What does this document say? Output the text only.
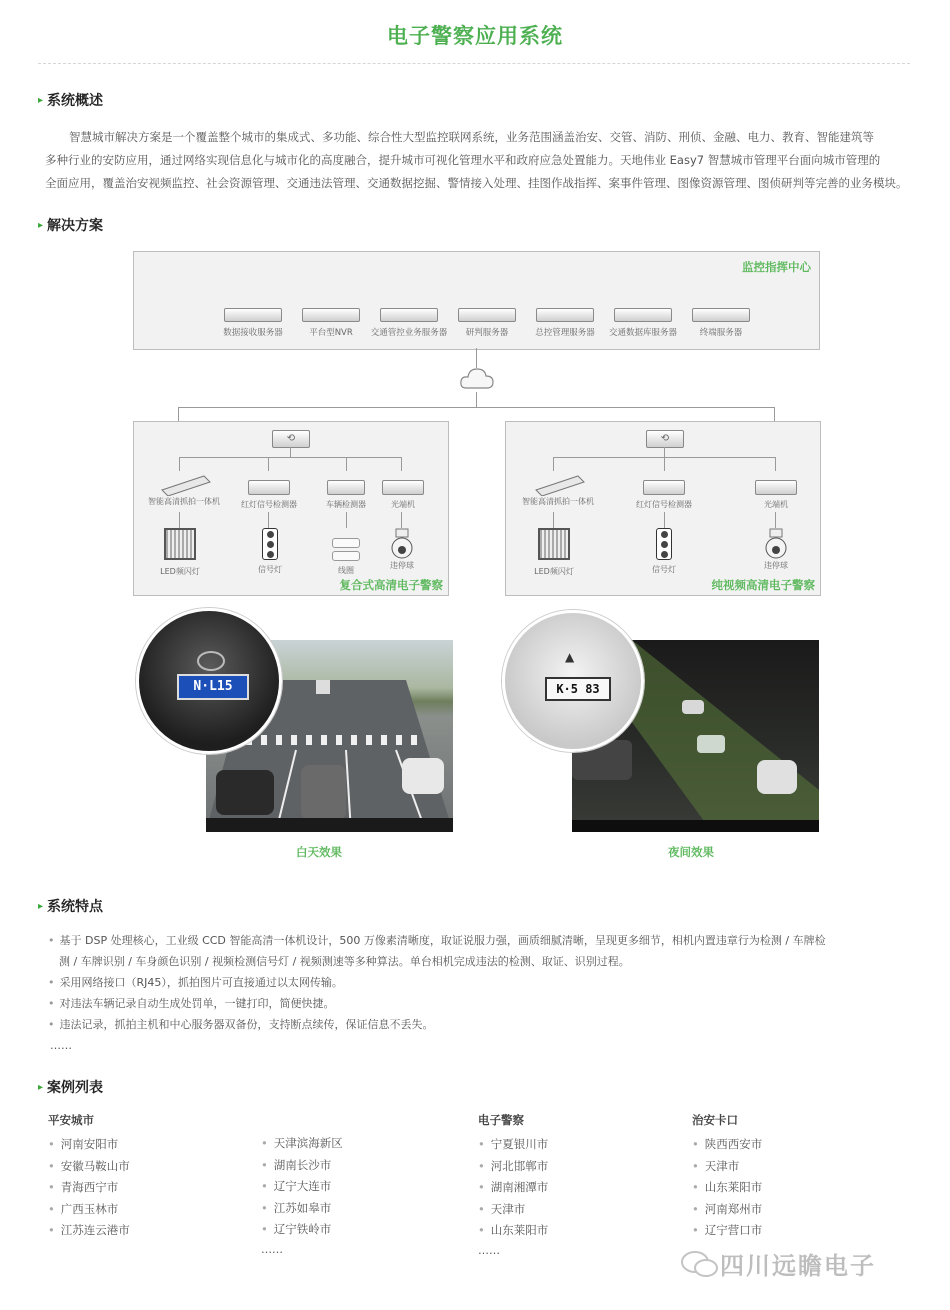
电子警察应用系统
▸ 系统概述
智慧城市解决方案是一个覆盖整个城市的集成式、多功能、综合性大型监控联网系统，业务范围涵盖治安、交管、消防、刑侦、金融、电力、教育、智能建筑等
多种行业的安防应用，通过网络实现信息化与城市化的高度融合，提升城市可视化管理水平和政府应急处置能力。天地伟业 Easy7 智慧城市管理平台面向城市管理的
全面应用，覆盖治安视频监控、社会资源管理、交通违法管理、交通数据挖掘、警情接入处理、挂图作战指挥、案事件管理、图像资源管理、图侦研判等完善的业务模块。
▸ 解决方案
监控指挥中心
数据接收服务器	平台型NVR 交通管控业务服务器 研判服务器	总控管理服务器 交通数据库服务器	终端服务器
⟲
智能高清抓拍一体机	红灯信号检测器	车辆检测器	光端机
LED频闪灯	信号灯	线圈
违停球
复合式高清电子警察
⟲
智能高清抓拍一体机	红灯信号检测器	光端机
LED频闪灯	信号灯	违停球
纯视频高清电子警察
N·L15
白天效果
▲
K·5 83
夜间效果
▸ 系统特点
• 基于 DSP 处理核心，工业级 CCD 智能高清一体机设计，500 万像素清晰度，取证说服力强，画质细腻清晰，呈现更多细节，相机内置违章行为检测 / 车牌检
测 / 车牌识别 / 车身颜色识别 / 视频检测信号灯 / 视频测速等多种算法。单台相机完成违法的检测、取证、识别过程。
• 采用网络接口（RJ45），抓拍图片可直接通过以太网传输。
• 对违法车辆记录自动生成处罚单，一键打印，简便快捷。
• 违法记录，抓拍主机和中心服务器双备份，支持断点续传，保证信息不丢失。
……
▸ 案例列表
平安城市
• 河南安阳市
• 安徽马鞍山市
• 青海西宁市
• 广西玉林市
• 江苏连云港市
• 天津滨海新区
• 湖南长沙市
• 辽宁大连市
• 江苏如皋市
• 辽宁铁岭市
……
电子警察
• 宁夏银川市
• 河北邯郸市
• 湖南湘潭市
• 天津市
• 山东莱阳市
……
治安卡口
• 陕西西安市
• 天津市
• 山东莱阳市
• 河南郑州市
• 辽宁营口市
四川远瞻电子
